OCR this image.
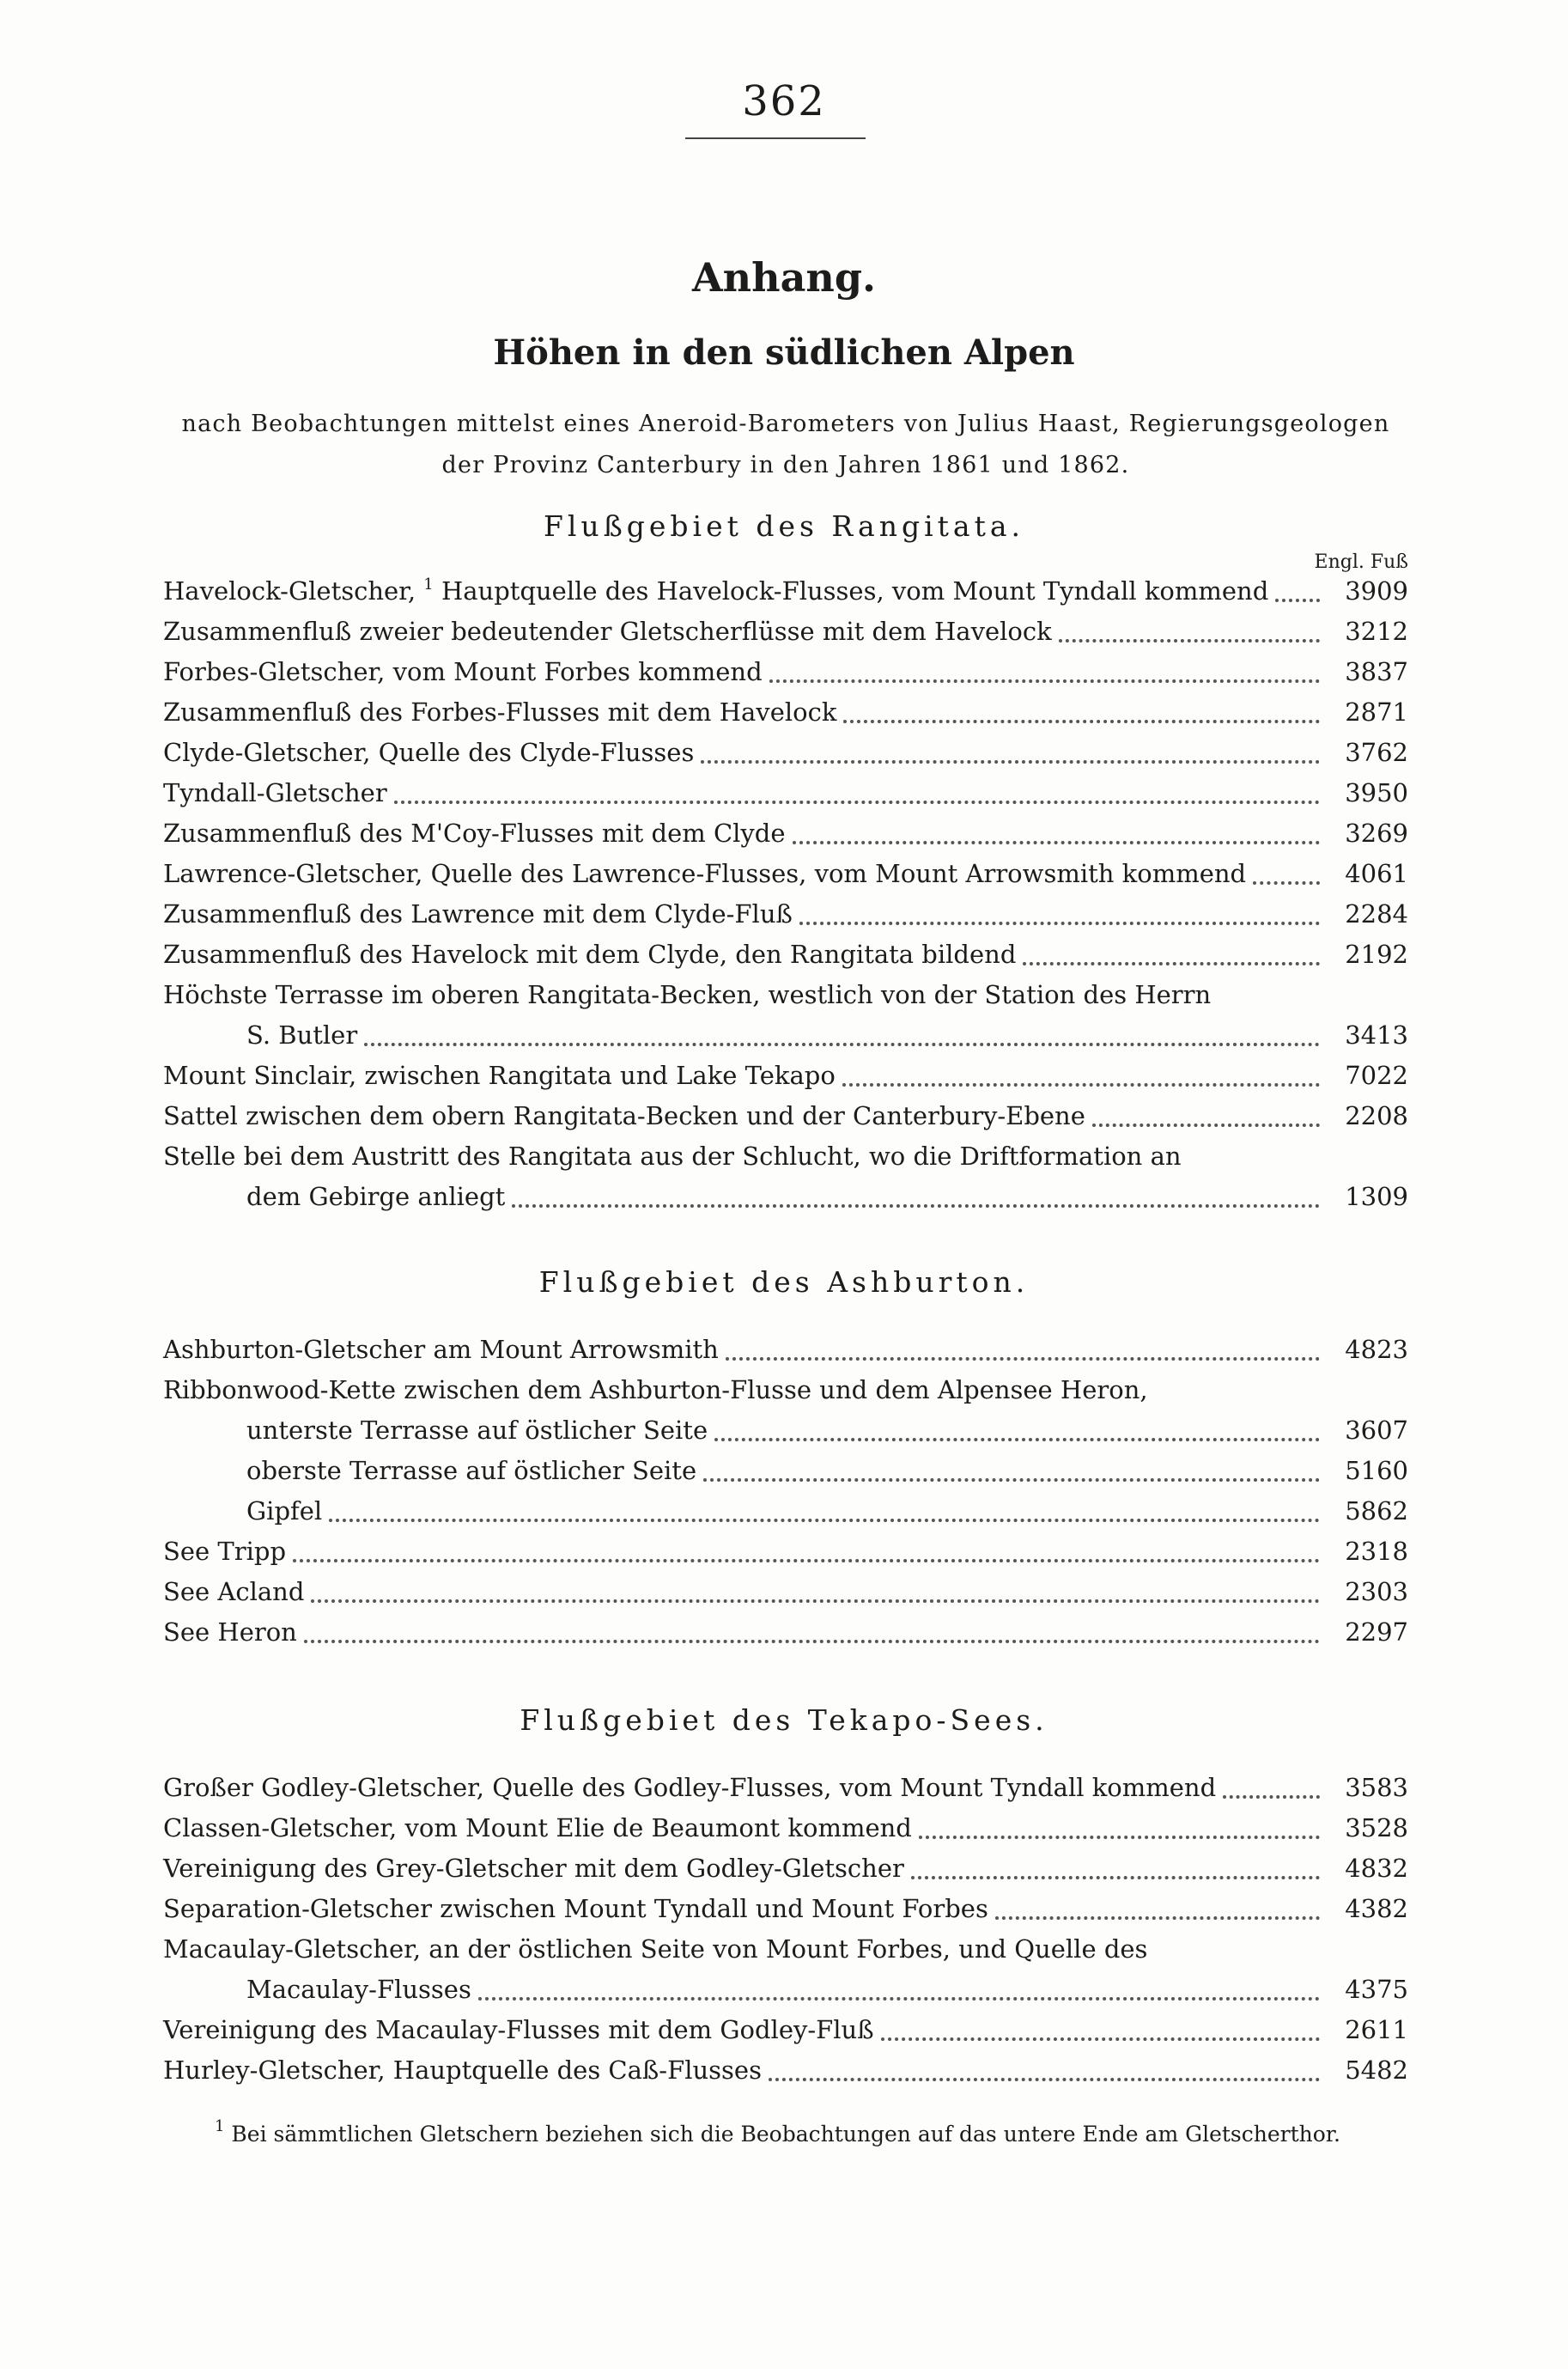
362
Anhang.
Höhen in den südlichen Alpen
nach Beobachtungen mittelst eines Aneroid-Barometers von Julius Haast, Regierungsgeologen
der Provinz Canterbury in den Jahren 1861 und 1862.
Flußgebiet des Rangitata.
Engl. Fuß
Havelock-Gletscher, $^1$ Hauptquelle des Havelock-Flusses, vom Mount Tyndall kommend	3909
Zusammenfluß zweier bedeutender Gletscherflüsse mit dem Havelock	3212
Forbes-Gletscher, vom Mount Forbes kommend	3837
Zusammenfluß des Forbes-Flusses mit dem Havelock	2871
Clyde-Gletscher, Quelle des Clyde-Flusses	3762
Tyndall-Gletscher	3950
Zusammenfluß des M'Coy-Flusses mit dem Clyde	3269
Lawrence-Gletscher, Quelle des Lawrence-Flusses, vom Mount Arrowsmith kommend	4061
Zusammenfluß des Lawrence mit dem Clyde-Fluß	2284
Zusammenfluß des Havelock mit dem Clyde, den Rangitata bildend	2192
Höchste Terrasse im oberen Rangitata-Becken, westlich von der Station des Herrn
S. Butler	3413
Mount Sinclair, zwischen Rangitata und Lake Tekapo	7022
Sattel zwischen dem obern Rangitata-Becken und der Canterbury-Ebene	2208
Stelle bei dem Austritt des Rangitata aus der Schlucht, wo die Driftformation an
dem Gebirge anliegt	1309
Flußgebiet des Ashburton.
Ashburton-Gletscher am Mount Arrowsmith	4823
Ribbonwood-Kette zwischen dem Ashburton-Flusse und dem Alpensee Heron,
unterste Terrasse auf östlicher Seite	3607
oberste Terrasse auf östlicher Seite	5160
Gipfel	5862
See Tripp	2318
See Acland	2303
See Heron	2297
Flußgebiet des Tekapo-Sees.
Großer Godley-Gletscher, Quelle des Godley-Flusses, vom Mount Tyndall kommend	3583
Classen-Gletscher, vom Mount Elie de Beaumont kommend	3528
Vereinigung des Grey-Gletscher mit dem Godley-Gletscher	4832
Separation-Gletscher zwischen Mount Tyndall und Mount Forbes	4382
Macaulay-Gletscher, an der östlichen Seite von Mount Forbes, und Quelle des
Macaulay-Flusses	4375
Vereinigung des Macaulay-Flusses mit dem Godley-Fluß	2611
Hurley-Gletscher, Hauptquelle des Caß-Flusses	5482
$^1$ Bei sämmtlichen Gletschern beziehen sich die Beobachtungen auf das untere Ende am Gletscherthor.
